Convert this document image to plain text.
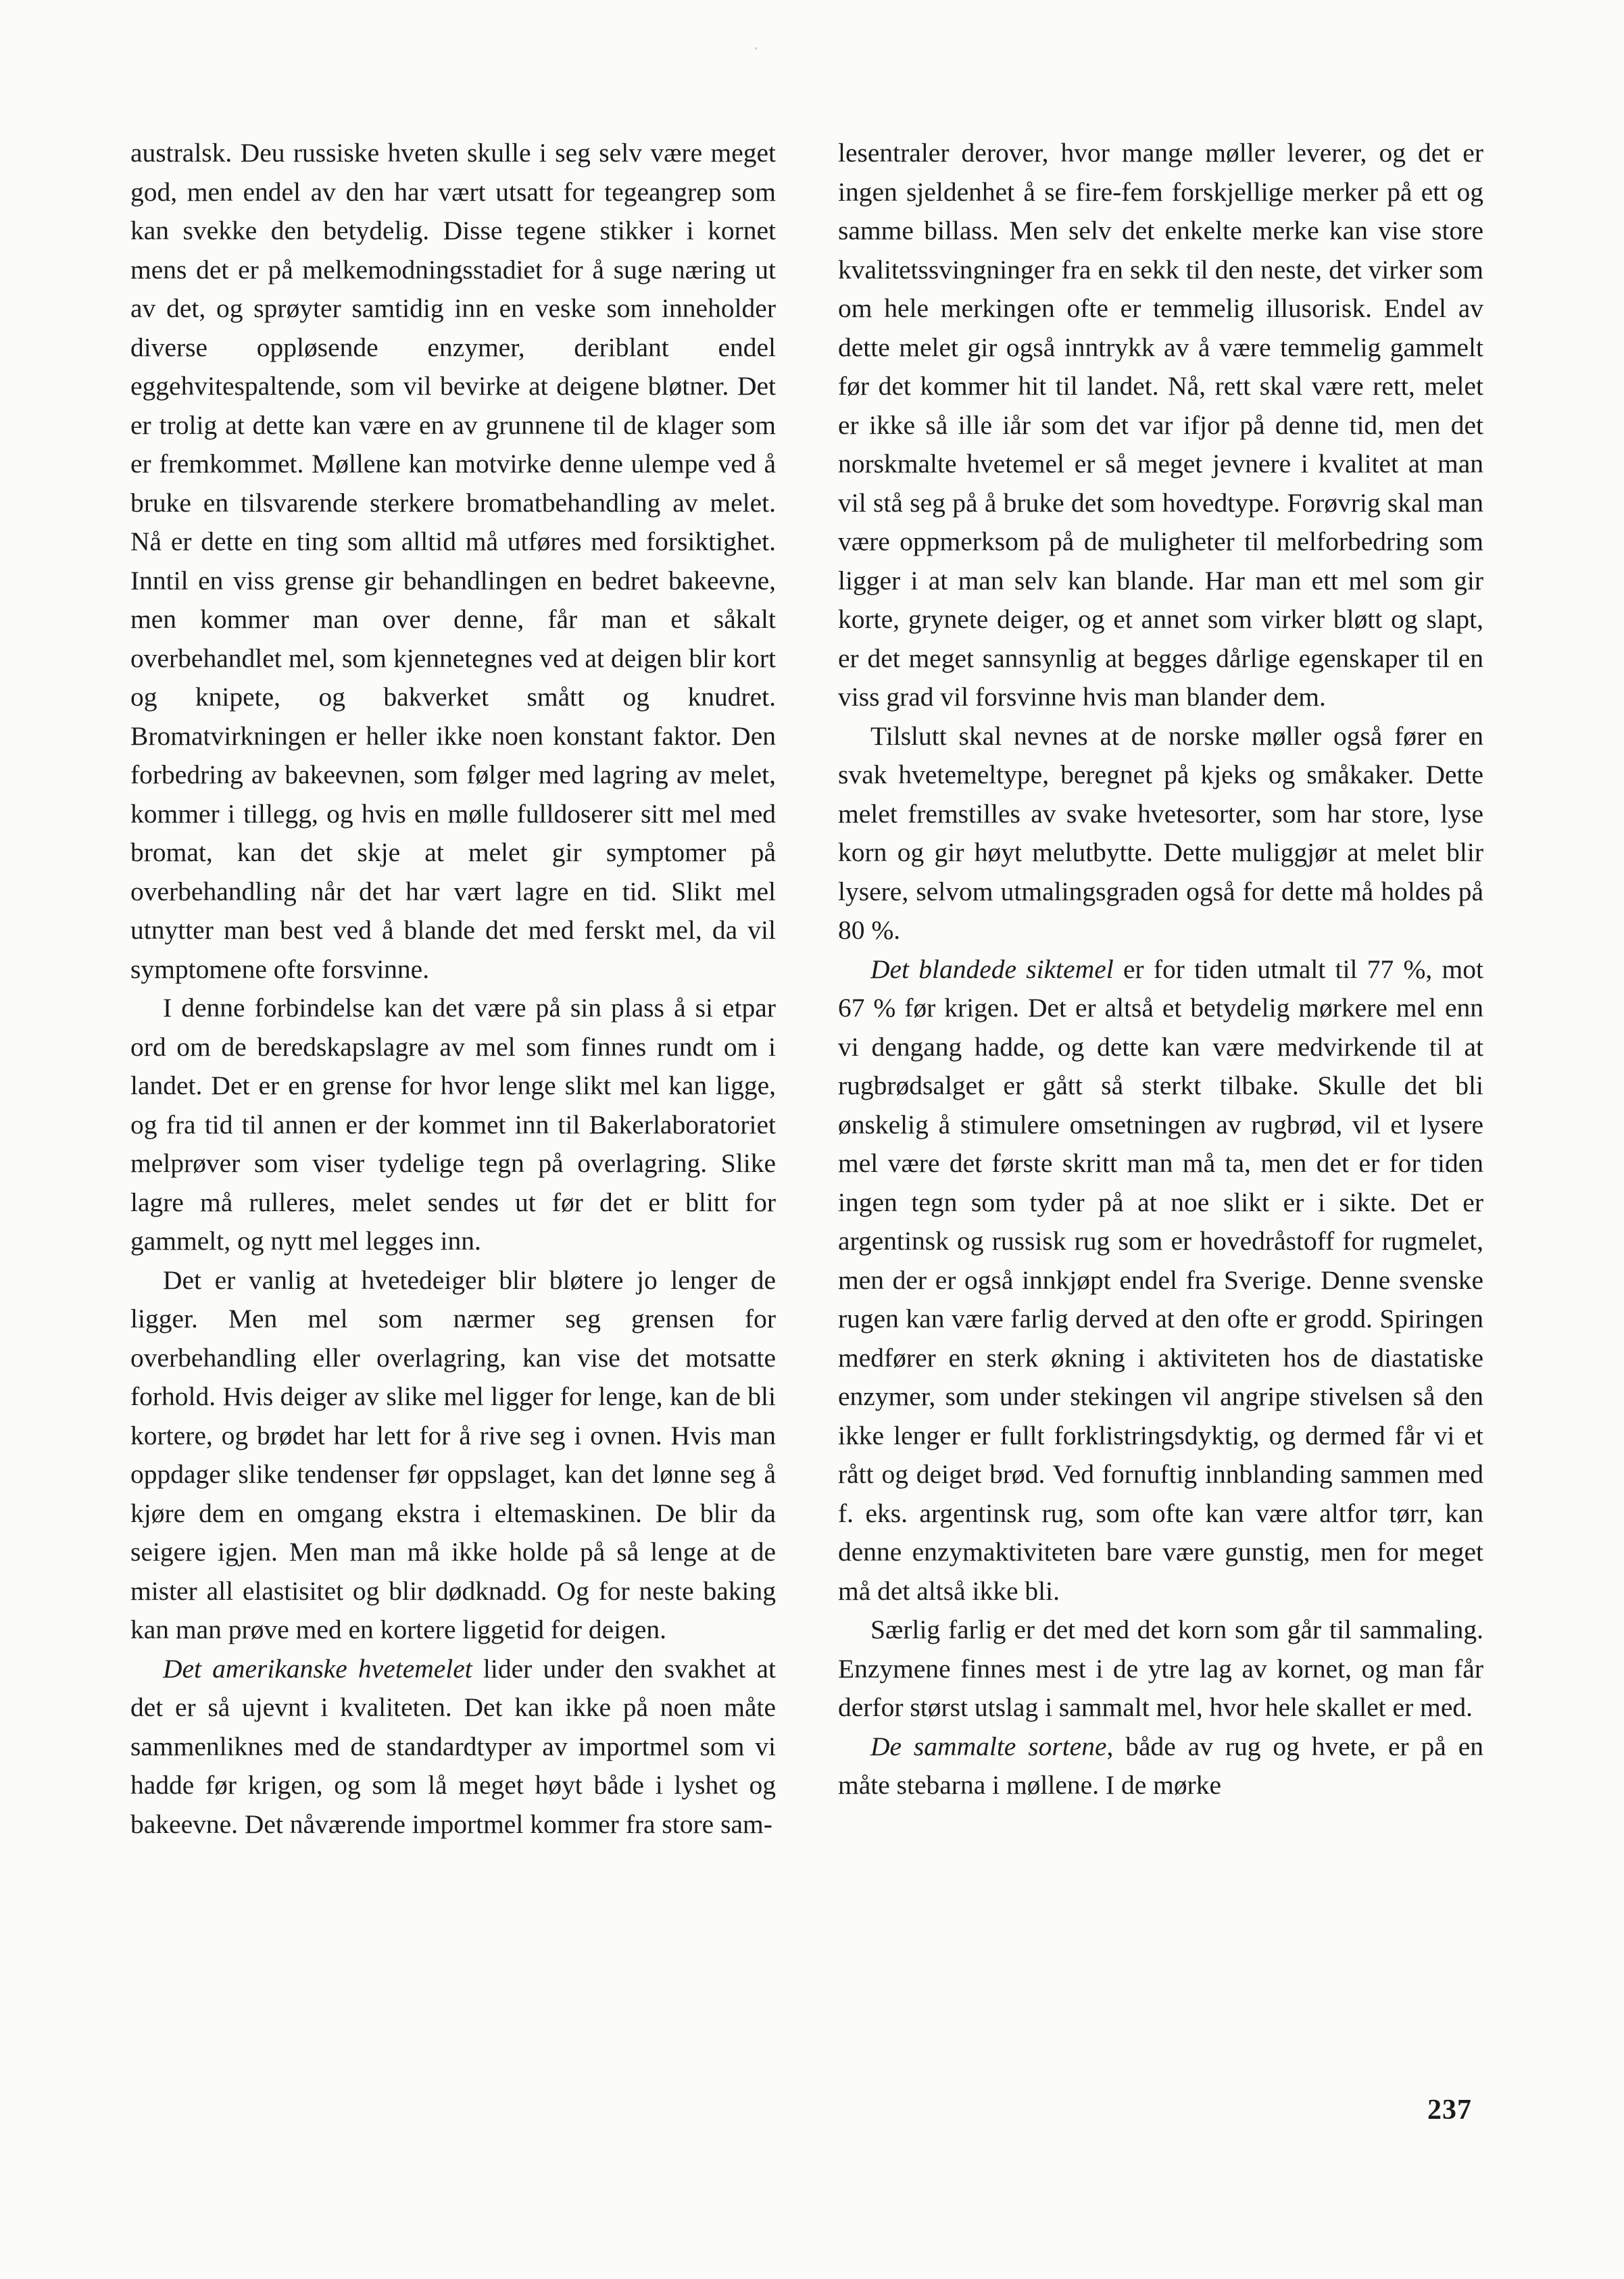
australsk. Deu russiske hveten skulle i seg selv være meget god, men endel av den har vært utsatt for tegeangrep som kan svekke den betydelig. Disse tegene stikker i kornet mens det er på melkemodningsstadiet for å suge næring ut av det, og sprøyter samtidig inn en veske som inneholder diverse oppløsende enzymer, deriblant endel eggehvitespaltende, som vil bevirke at deigene bløtner. Det er trolig at dette kan være en av grunnene til de klager som er fremkommet. Møllene kan motvirke denne ulempe ved å bruke en tilsvarende sterkere bromatbehandling av melet. Nå er dette en ting som alltid må utføres med forsiktighet. Inntil en viss grense gir behandlingen en bedret bakeevne, men kommer man over denne, får man et såkalt overbehandlet mel, som kjennetegnes ved at deigen blir kort og knipete, og bakverket smått og knudret. Bromatvirkningen er heller ikke noen konstant faktor. Den forbedring av bakeevnen, som følger med lagring av melet, kommer i tillegg, og hvis en mølle fulldoserer sitt mel med bromat, kan det skje at melet gir symptomer på overbehandling når det har vært lagre en tid. Slikt mel utnytter man best ved å blande det med ferskt mel, da vil symptomene ofte forsvinne.

I denne forbindelse kan det være på sin plass å si etpar ord om de beredskapslagre av mel som finnes rundt om i landet. Det er en grense for hvor lenge slikt mel kan ligge, og fra tid til annen er der kommet inn til Bakerlaboratoriet melprøver som viser tydelige tegn på overlagring. Slike lagre må rulleres, melet sendes ut før det er blitt for gammelt, og nytt mel legges inn.

Det er vanlig at hvetedeiger blir bløtere jo lenger de ligger. Men mel som nærmer seg grensen for overbehandling eller overlagring, kan vise det motsatte forhold. Hvis deiger av slike mel ligger for lenge, kan de bli kortere, og brødet har lett for å rive seg i ovnen. Hvis man oppdager slike tendenser før oppslaget, kan det lønne seg å kjøre dem en omgang ekstra i eltemaskinen. De blir da seigere igjen. Men man må ikke holde på så lenge at de mister all elastisitet og blir dødknadd. Og for neste baking kan man prøve med en kortere liggetid for deigen.

Det amerikanske hvetemelet lider under den svakhet at det er så ujevnt i kvaliteten. Det kan ikke på noen måte sammenliknes med de standardtyper av importmel som vi hadde før krigen, og som lå meget høyt både i lyshet og bakeevne. Det nåværende importmel kommer fra store sam-

lesentraler derover, hvor mange møller leverer, og det er ingen sjeldenhet å se fire-fem forskjellige merker på ett og samme billass. Men selv det enkelte merke kan vise store kvalitetssvingninger fra en sekk til den neste, det virker som om hele merkingen ofte er temmelig illusorisk. Endel av dette melet gir også inntrykk av å være temmelig gammelt før det kommer hit til landet. Nå, rett skal være rett, melet er ikke så ille iår som det var ifjor på denne tid, men det norskmalte hvetemel er så meget jevnere i kvalitet at man vil stå seg på å bruke det som hovedtype. Forøvrig skal man være oppmerksom på de muligheter til melforbedring som ligger i at man selv kan blande. Har man ett mel som gir korte, grynete deiger, og et annet som virker bløtt og slapt, er det meget sannsynlig at begges dårlige egenskaper til en viss grad vil forsvinne hvis man blander dem.

Tilslutt skal nevnes at de norske møller også fører en svak hvetemeltype, beregnet på kjeks og småkaker. Dette melet fremstilles av svake hvetesorter, som har store, lyse korn og gir høyt melutbytte. Dette muliggjør at melet blir lysere, selvom utmalingsgraden også for dette må holdes på 80 %.

Det blandede siktemel er for tiden utmalt til 77 %, mot 67 % før krigen. Det er altså et betydelig mørkere mel enn vi dengang hadde, og dette kan være medvirkende til at rugbrødsalget er gått så sterkt tilbake. Skulle det bli ønskelig å stimulere omsetningen av rugbrød, vil et lysere mel være det første skritt man må ta, men det er for tiden ingen tegn som tyder på at noe slikt er i sikte. Det er argentinsk og russisk rug som er hovedråstoff for rugmelet, men der er også innkjøpt endel fra Sverige. Denne svenske rugen kan være farlig derved at den ofte er grodd. Spiringen medfører en sterk økning i aktiviteten hos de diastatiske enzymer, som under stekingen vil angripe stivelsen så den ikke lenger er fullt forklistringsdyktig, og dermed får vi et rått og deiget brød. Ved fornuftig innblanding sammen med f. eks. argentinsk rug, som ofte kan være altfor tørr, kan denne enzymaktiviteten bare være gunstig, men for meget må det altså ikke bli.

Særlig farlig er det med det korn som går til sammaling. Enzymene finnes mest i de ytre lag av kornet, og man får derfor størst utslag i sammalt mel, hvor hele skallet er med.

De sammalte sortene, både av rug og hvete, er på en måte stebarna i møllene. I de mørke

237
